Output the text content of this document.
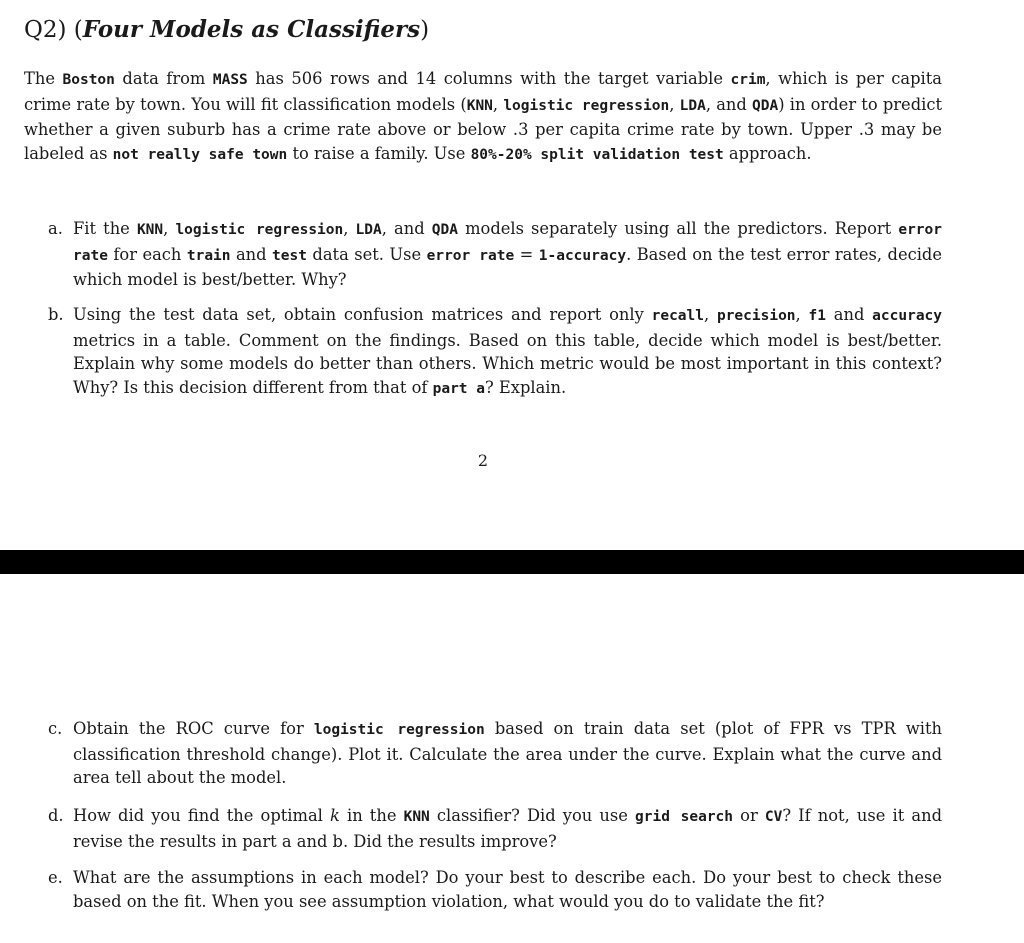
Q2) (Four Models as Classifiers)
The Boston data from MASS has 506 rows and 14 columns with the target variable crim, which is per capita crime rate by town. You will fit classification models (KNN, logistic regression, LDA, and QDA) in order to predict whether a given suburb has a crime rate above or below .3 per capita crime rate by town. Upper .3 may be labeled as not really safe town to raise a family. Use 80%-20% split validation test approach.
a. Fit the KNN, logistic regression, LDA, and QDA models separately using all the predictors. Report error rate for each train and test data set. Use error rate = 1-accuracy. Based on the test error rates, decide which model is best/better. Why?
b. Using the test data set, obtain confusion matrices and report only recall, precision, f1 and accuracy metrics in a table. Comment on the findings. Based on this table, decide which model is best/better. Explain why some models do better than others. Which metric would be most important in this context? Why? Is this decision different from that of part a? Explain.
2
c. Obtain the ROC curve for logistic regression based on train data set (plot of FPR vs TPR with classification threshold change). Plot it. Calculate the area under the curve. Explain what the curve and area tell about the model.
d. How did you find the optimal k in the KNN classifier? Did you use grid search or CV? If not, use it and revise the results in part a and b. Did the results improve?
e. What are the assumptions in each model? Do your best to describe each. Do your best to check these based on the fit. When you see assumption violation, what would you do to validate the fit?
